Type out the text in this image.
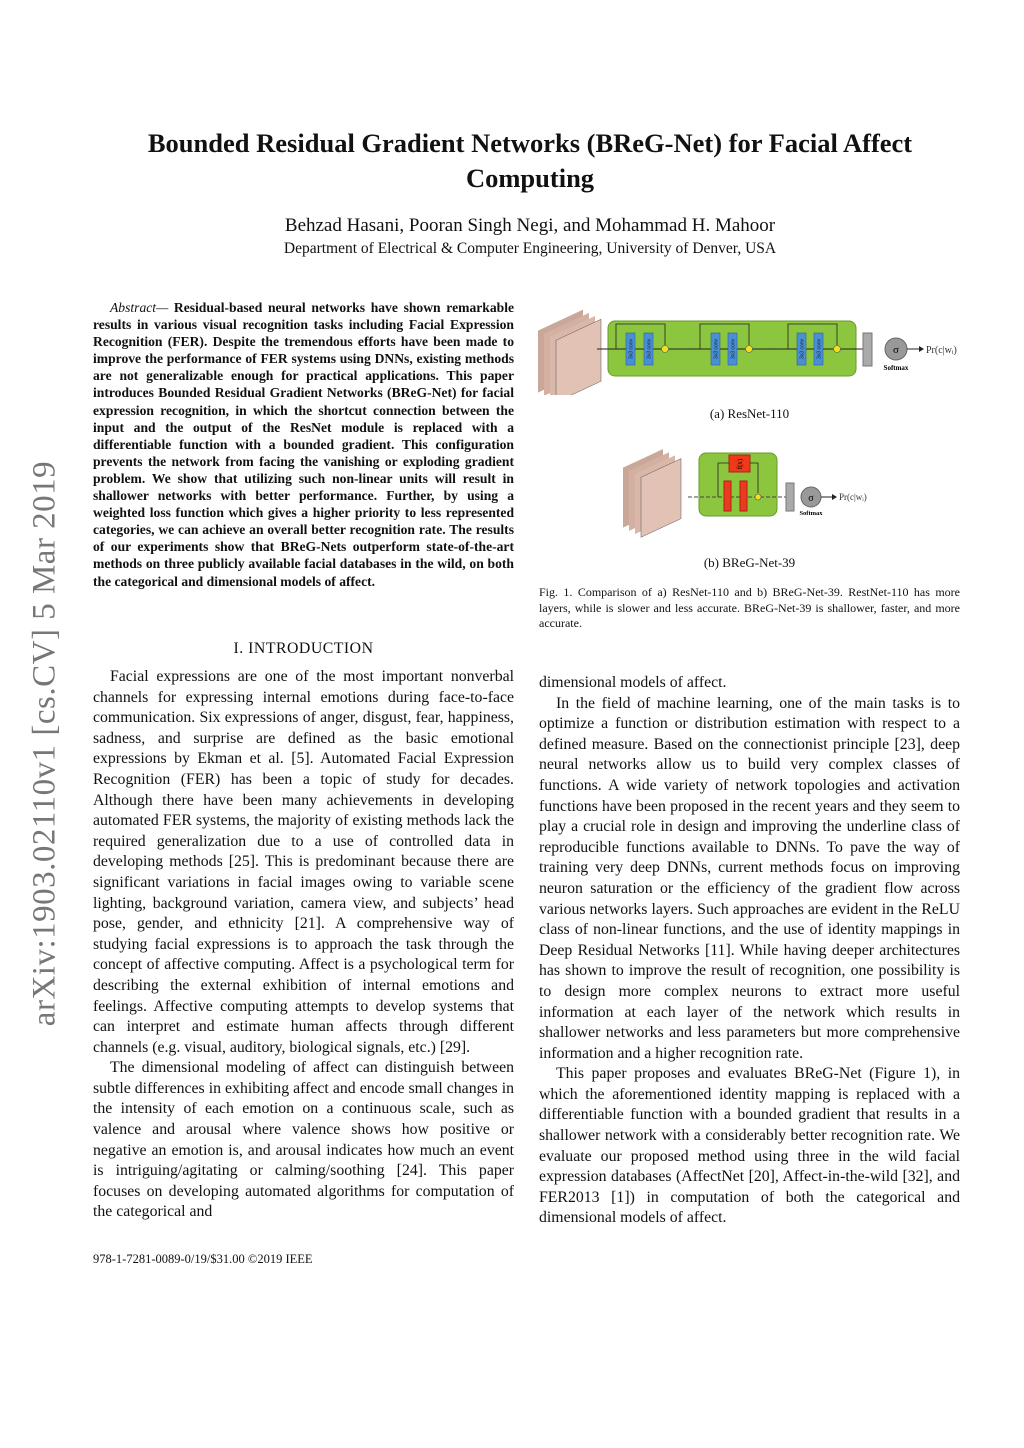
arXiv:1903.02110v1 [cs.CV] 5 Mar 2019
Bounded Residual Gradient Networks (BReG-Net) for Facial Affect Computing
Behzad Hasani, Pooran Singh Negi, and Mohammad H. Mahoor
Department of Electrical & Computer Engineering, University of Denver, USA
Abstract— Residual-based neural networks have shown remarkable results in various visual recognition tasks including Facial Expression Recognition (FER). Despite the tremendous efforts have been made to improve the performance of FER systems using DNNs, existing methods are not generalizable enough for practical applications. This paper introduces Bounded Residual Gradient Networks (BReG-Net) for facial expression recognition, in which the shortcut connection between the input and the output of the ResNet module is replaced with a differentiable function with a bounded gradient. This configuration prevents the network from facing the vanishing or exploding gradient problem. We show that utilizing such non-linear units will result in shallower networks with better performance. Further, by using a weighted loss function which gives a higher priority to less represented categories, we can achieve an overall better recognition rate. The results of our experiments show that BReG-Nets outperform state-of-the-art methods on three publicly available facial databases in the wild, on both the categorical and dimensional models of affect.
I. INTRODUCTION

Facial expressions are one of the most important nonverbal channels for expressing internal emotions during face-to-face communication. Six expressions of anger, disgust, fear, happiness, sadness, and surprise are defined as the basic emotional expressions by Ekman et al. [5]. Automated Facial Expression Recognition (FER) has been a topic of study for decades. Although there have been many achievements in developing automated FER systems, the majority of existing methods lack the required generalization due to a use of controlled data in developing methods [25]. This is predominant because there are significant variations in facial images owing to variable scene lighting, background variation, camera view, and subjects’ head pose, gender, and ethnicity [21]. A comprehensive way of studying facial expressions is to approach the task through the concept of affective computing. Affect is a psychological term for describing the external exhibition of internal emotions and feelings. Affective computing attempts to develop systems that can interpret and estimate human affects through different channels (e.g. visual, auditory, biological signals, etc.) [29].

The dimensional modeling of affect can distinguish between subtle differences in exhibiting affect and encode small changes in the intensity of each emotion on a continuous scale, such as valence and arousal where valence shows how positive or negative an emotion is, and arousal indicates how much an event is intriguing/agitating or calming/soothing [24]. This paper focuses on developing automated algorithms for computation of the categorical and

3x3 conv 3x3 conv	3x3 conv 3x3 conv	3x3 conv 3x3 conv
···	···	σ
Softmax
Pr(c|wᵢ)
(a) ResNet-110
f(x)
σ
Softmax
Pr(c|wᵢ)
(b) BReG-Net-39
Fig. 1. Comparison of a) ResNet-110 and b) BReG-Net-39. RestNet-110 has more layers, while is slower and less accurate. BReG-Net-39 is shallower, faster, and more accurate.

dimensional models of affect.

In the field of machine learning, one of the main tasks is to optimize a function or distribution estimation with respect to a defined measure. Based on the connectionist principle [23], deep neural networks allow us to build very complex classes of functions. A wide variety of network topologies and activation functions have been proposed in the recent years and they seem to play a crucial role in design and improving the underline class of reproducible functions available to DNNs. To pave the way of training very deep DNNs, current methods focus on improving neuron saturation or the efficiency of the gradient flow across various networks layers. Such approaches are evident in the ReLU class of non-linear functions, and the use of identity mappings in Deep Residual Networks [11]. While having deeper architectures has shown to improve the result of recognition, one possibility is to design more complex neurons to extract more useful information at each layer of the network which results in shallower networks and less parameters but more comprehensive information and a higher recognition rate.

This paper proposes and evaluates BReG-Net (Figure 1), in which the aforementioned identity mapping is replaced with a differentiable function with a bounded gradient that results in a shallower network with a considerably better recognition rate. We evaluate our proposed method using three in the wild facial expression databases (AffectNet [20], Affect-in-the-wild [32], and FER2013 [1]) in computation of both the categorical and dimensional models of affect.

978-1-7281-0089-0/19/$31.00 ©2019 IEEE
